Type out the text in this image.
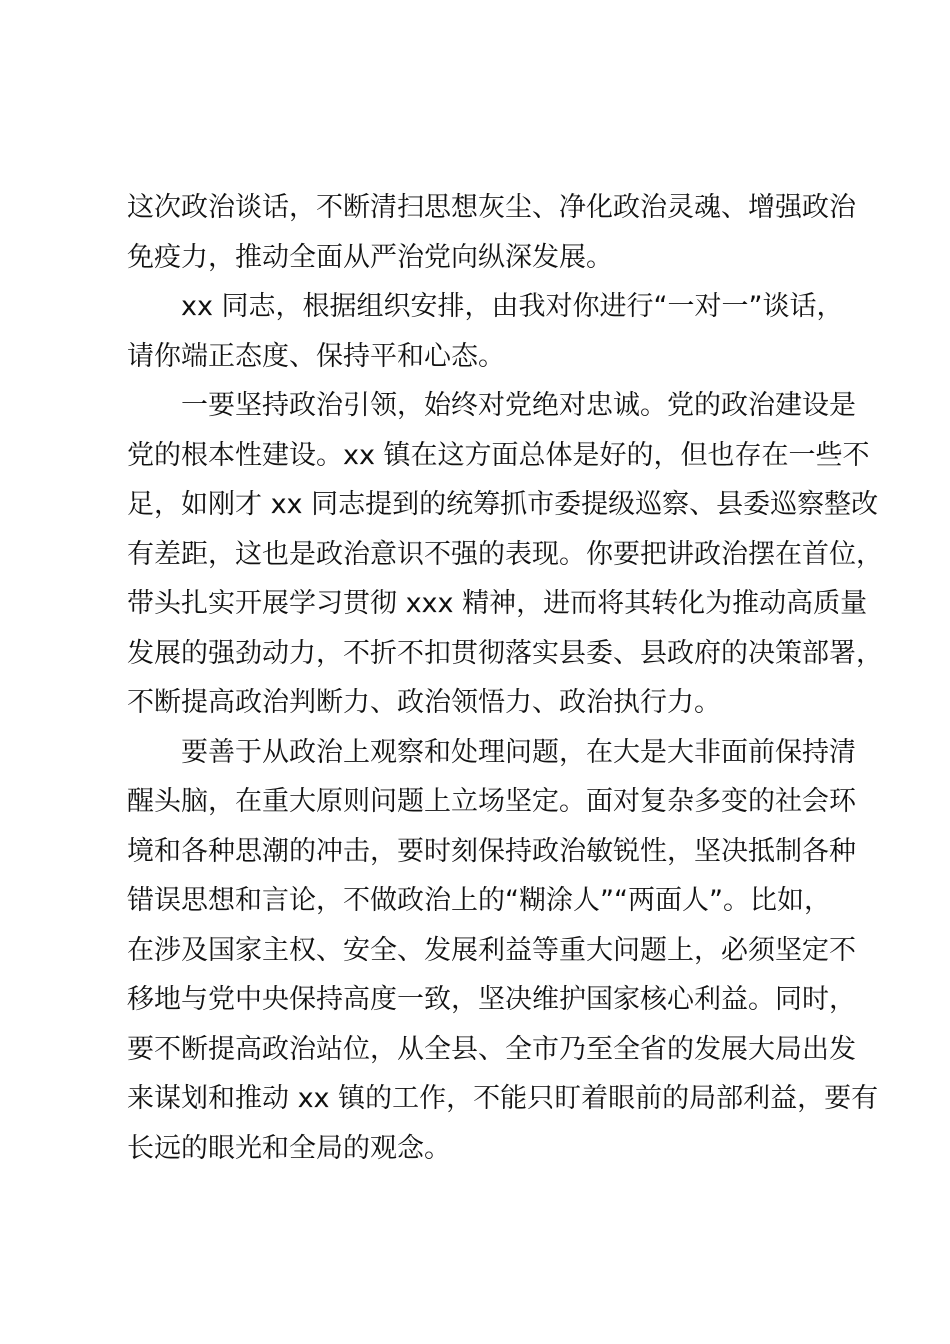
这次政治谈话，不断清扫思想灰尘、净化政治灵魂、增强政治
免疫力，推动全面从严治党向纵深发展。
　　xx 同志，根据组织安排，由我对你进行“一对一”谈话，
请你端正态度、保持平和心态。
　　一要坚持政治引领，始终对党绝对忠诚。党的政治建设是
党的根本性建设。xx 镇在这方面总体是好的，但也存在一些不
足，如刚才 xx 同志提到的统筹抓市委提级巡察、县委巡察整改
有差距，这也是政治意识不强的表现。你要把讲政治摆在首位，
带头扎实开展学习贯彻 xxx 精神，进而将其转化为推动高质量
发展的强劲动力，不折不扣贯彻落实县委、县政府的决策部署，
不断提高政治判断力、政治领悟力、政治执行力。
　　要善于从政治上观察和处理问题，在大是大非面前保持清
醒头脑，在重大原则问题上立场坚定。面对复杂多变的社会环
境和各种思潮的冲击，要时刻保持政治敏锐性，坚决抵制各种
错误思想和言论，不做政治上的“糊涂人”“两面人”。比如，
在涉及国家主权、安全、发展利益等重大问题上，必须坚定不
移地与党中央保持高度一致，坚决维护国家核心利益。同时，
要不断提高政治站位，从全县、全市乃至全省的发展大局出发
来谋划和推动 xx 镇的工作，不能只盯着眼前的局部利益，要有
长远的眼光和全局的观念。
